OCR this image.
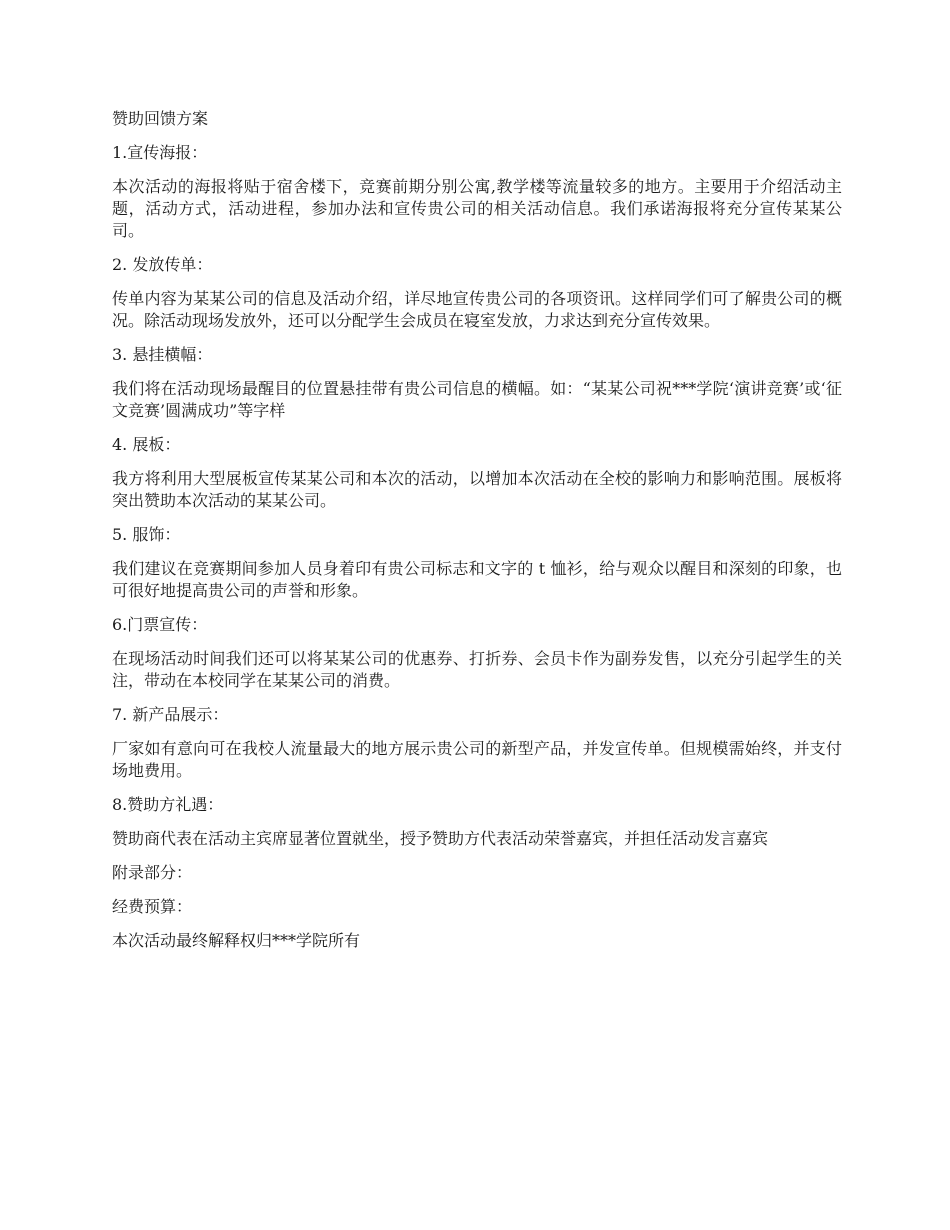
赞助回馈方案

1.宣传海报：

本次活动的海报将贴于宿舍楼下，竞赛前期分别公寓,教学楼等流量较多的地方。主要用于介绍活动主题，活动方式，活动进程，参加办法和宣传贵公司的相关活动信息。我们承诺海报将充分宣传某某公司。

2. 发放传单：

传单内容为某某公司的信息及活动介绍，详尽地宣传贵公司的各项资讯。这样同学们可了解贵公司的概况。除活动现场发放外，还可以分配学生会成员在寝室发放，力求达到充分宣传效果。

3. 悬挂横幅：

我们将在活动现场最醒目的位置悬挂带有贵公司信息的横幅。如：“某某公司祝***学院‘演讲竞赛’或‘征文竞赛’圆满成功”等字样

4. 展板：

我方将利用大型展板宣传某某公司和本次的活动，以增加本次活动在全校的影响力和影响范围。展板将突出赞助本次活动的某某公司。

5. 服饰：

我们建议在竞赛期间参加人员身着印有贵公司标志和文字的 t 恤衫，给与观众以醒目和深刻的印象，也可很好地提高贵公司的声誉和形象。

6.门票宣传：

在现场活动时间我们还可以将某某公司的优惠券、打折券、会员卡作为副券发售，以充分引起学生的关注，带动在本校同学在某某公司的消费。

7. 新产品展示：

厂家如有意向可在我校人流量最大的地方展示贵公司的新型产品，并发宣传单。但规模需始终，并支付场地费用。

8.赞助方礼遇：

赞助商代表在活动主宾席显著位置就坐，授予赞助方代表活动荣誉嘉宾，并担任活动发言嘉宾

附录部分：

经费预算：

本次活动最终解释权归***学院所有
